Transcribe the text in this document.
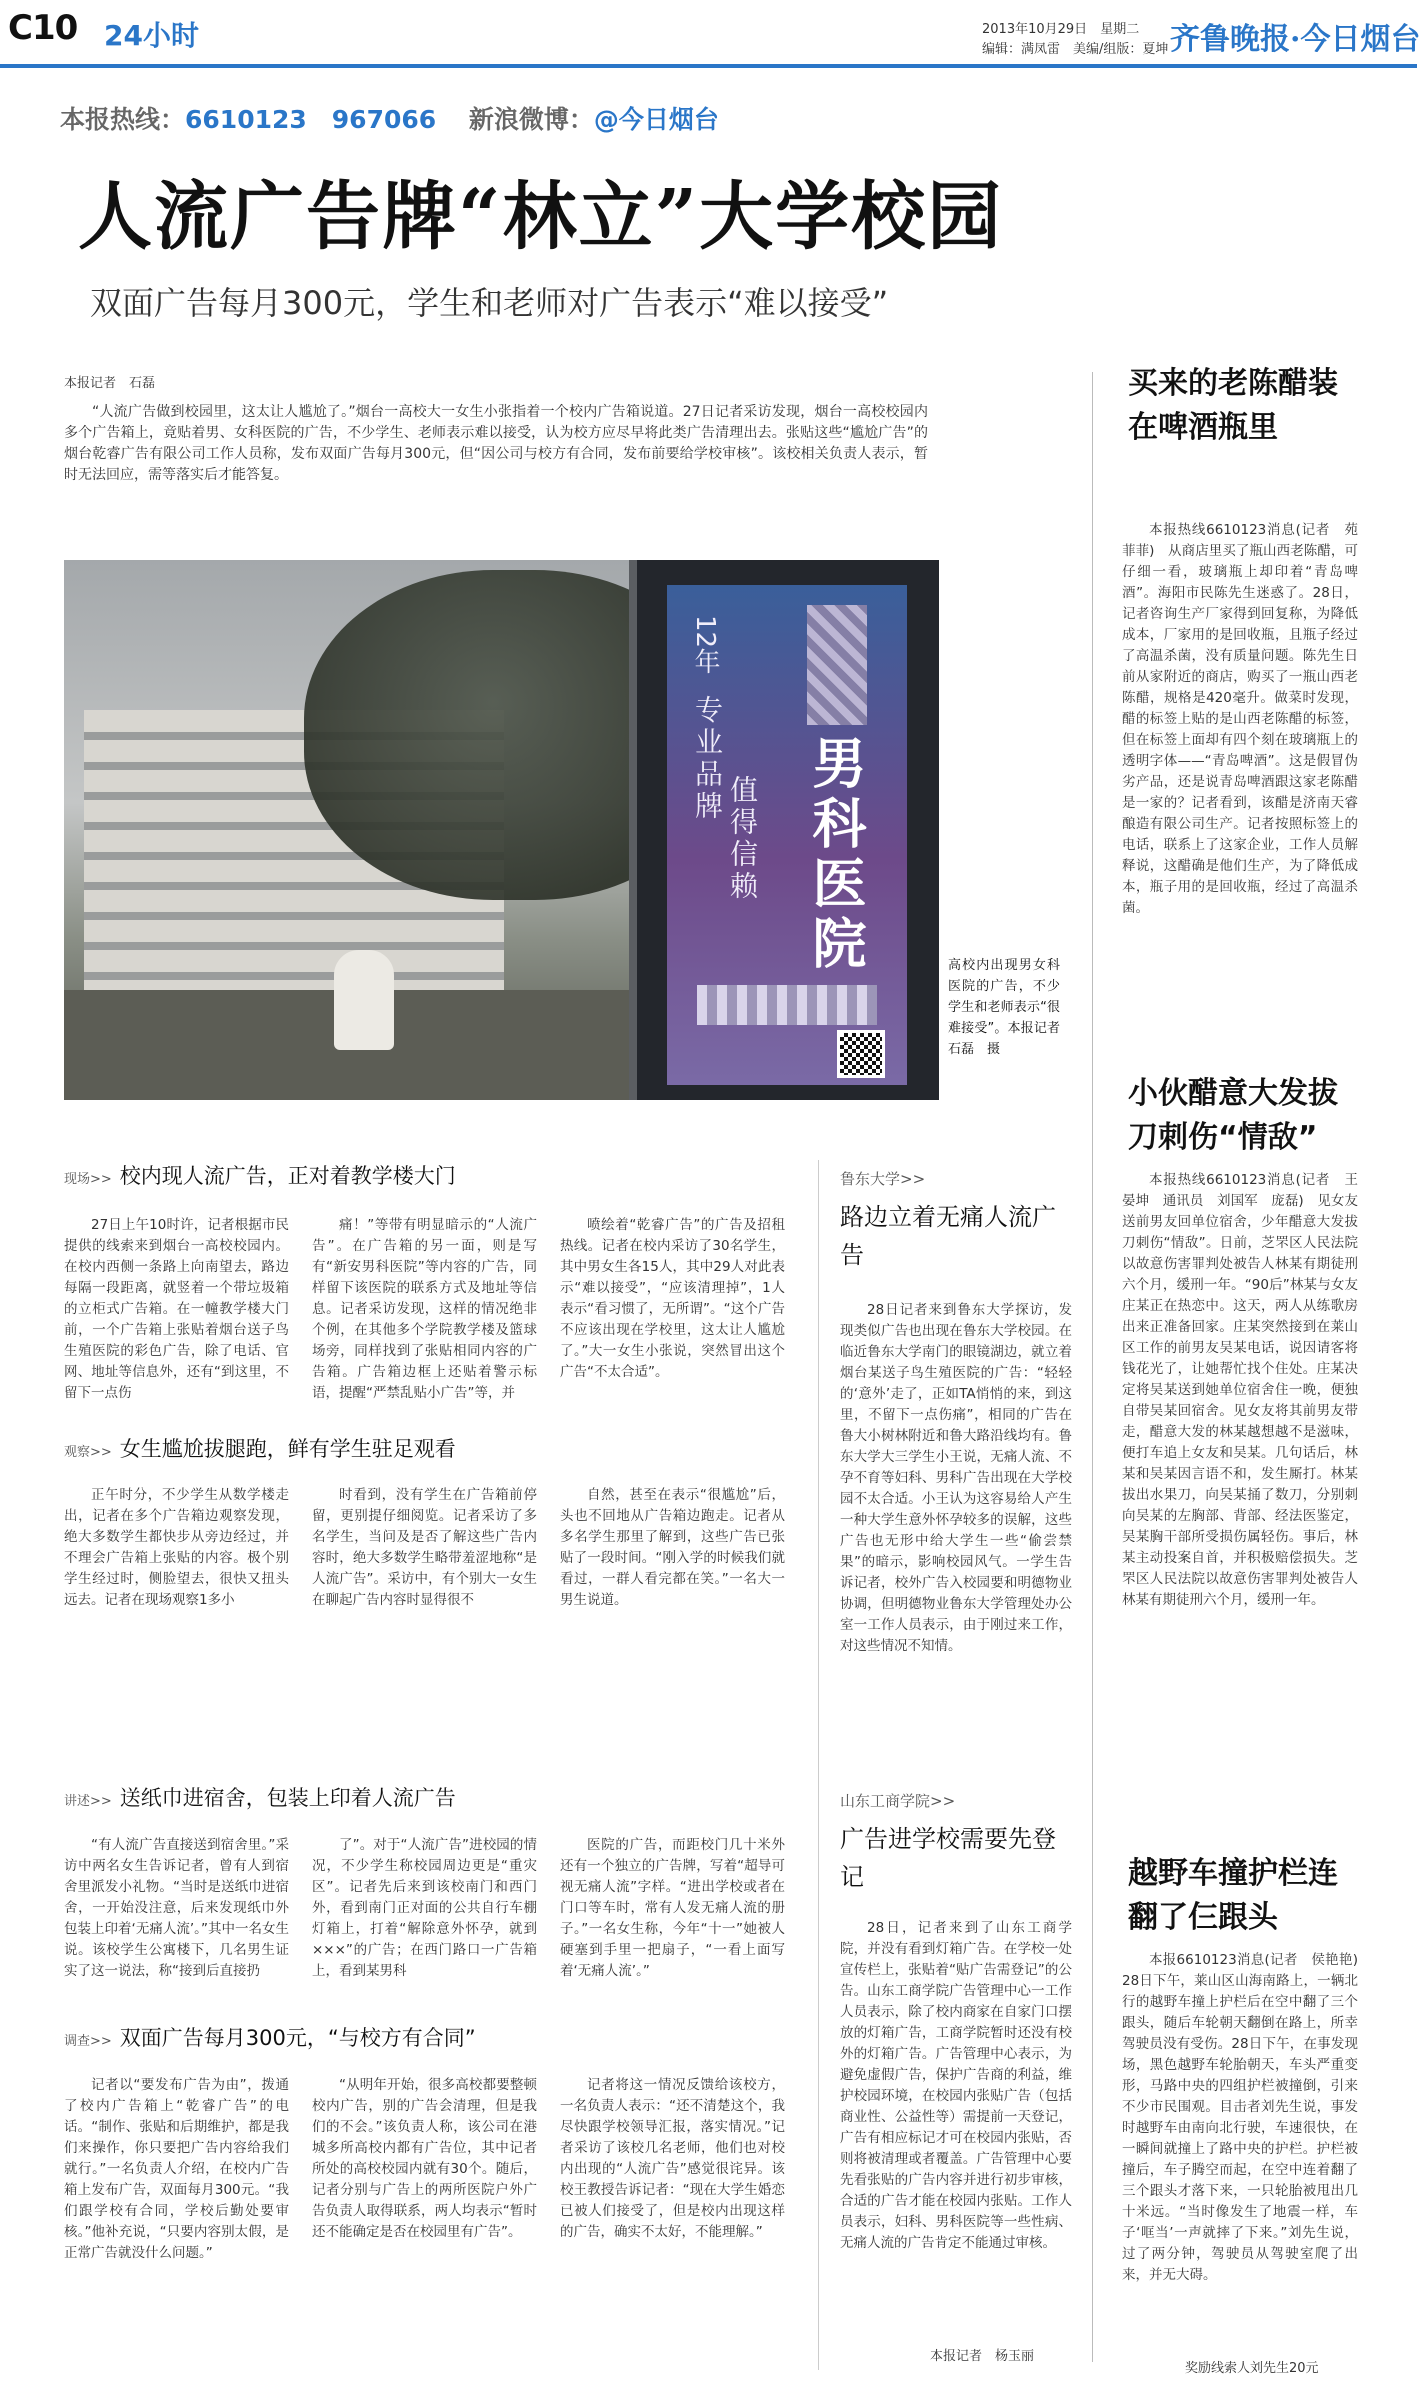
C10 24小时	2013年10月29日　 星期二
编辑：满凤雷　美编/组版：夏坤 齐鲁晚报·今日烟台
本报热线：6610123　967066 新浪微博：@今日烟台
人流广告牌“林立”大学校园
双面广告每月300元，学生和老师对广告表示“难以接受”
本报记者　石磊

“人流广告做到校园里，这太让人尴尬了。”烟台一高校大一女生小张指着一个校内广告箱说道。27日记者采访发现，烟台一高校校园内多个广告箱上，竟贴着男、女科医院的广告，不少学生、老师表示难以接受，认为校方应尽早将此类广告清理出去。张贴这些“尴尬广告”的烟台乾睿广告有限公司工作人员称，发布双面广告每月300元，但“因公司与校方有合同，发布前要给学校审核”。该校相关负责人表示，暂时无法回应，需等落实后才能答复。

12年
专业品牌
值得信赖 男科医院	高校内出现男女科医院的广告，不少学生和老师表示“很难接受”。本报记者　石磊　摄
现场>> 校内现人流广告，正对着教学楼大门

27日上午10时许，记者根据市民提供的线索来到烟台一高校校园内。在校内西侧一条路上向南望去，路边每隔一段距离，就竖着一个带垃圾箱的立柜式广告箱。在一幢教学楼大门前，一个广告箱上张贴着烟台送子鸟生殖医院的彩色广告，除了电话、官网、地址等信息外，还有“到这里，不留下一点伤

痛！”等带有明显暗示的“人流广告”。在广告箱的另一面，则是写有“新安男科医院”等内容的广告，同样留下该医院的联系方式及地址等信息。记者采访发现，这样的情况绝非个例，在其他多个学院教学楼及篮球场旁，同样找到了张贴相同内容的广告箱。广告箱边框上还贴着警示标语，提醒“严禁乱贴小广告”等，并

喷绘着“乾睿广告”的广告及招租热线。记者在校内采访了30名学生，其中男女生各15人，其中29人对此表示“难以接受”，“应该清理掉”，1人表示“看习惯了，无所谓”。“这个广告不应该出现在学校里，这太让人尴尬了。”大一女生小张说，突然冒出这个广告“不太合适”。

观察>> 女生尴尬拔腿跑，鲜有学生驻足观看

正午时分，不少学生从数学楼走出，记者在多个广告箱边观察发现，绝大多数学生都快步从旁边经过，并不理会广告箱上张贴的内容。极个别学生经过时，侧脸望去，很快又扭头远去。记者在现场观察1多小

时看到，没有学生在广告箱前停留，更别提仔细阅览。记者采访了多名学生，当问及是否了解这些广告内容时，绝大多数学生略带羞涩地称“是人流广告”。采访中，有个别大一女生在聊起广告内容时显得很不

自然，甚至在表示“很尴尬”后，头也不回地从广告箱边跑走。记者从多名学生那里了解到，这些广告已张贴了一段时间。“刚入学的时候我们就看过，一群人看完都在笑。”一名大一男生说道。

讲述>> 送纸巾进宿舍，包装上印着人流广告

“有人流广告直接送到宿舍里。”采访中两名女生告诉记者，曾有人到宿舍里派发小礼物。“当时是送纸巾进宿舍，一开始没注意，后来发现纸巾外包装上印着‘无痛人流’。”其中一名女生说。该校学生公寓楼下，几名男生证实了这一说法，称“接到后直接扔

了”。对于“人流广告”进校园的情况，不少学生称校园周边更是“重灾区”。记者先后来到该校南门和西门外，看到南门正对面的公共自行车棚灯箱上，打着“解除意外怀孕，就到×××”的广告；在西门路口一广告箱上，看到某男科

医院的广告，而距校门几十米外还有一个独立的广告牌，写着“超导可视无痛人流”字样。“进出学校或者在门口等车时，常有人发无痛人流的册子。”一名女生称，今年“十一”她被人硬塞到手里一把扇子，“一看上面写着‘无痛人流’。”

调查>> 双面广告每月300元，“与校方有合同”

记者以“要发布广告为由”，拨通了校内广告箱上“乾睿广告”的电话。“制作、张贴和后期维护，都是我们来操作，你只要把广告内容给我们就行。”一名负责人介绍，在校内广告箱上发布广告，双面每月300元。“我们跟学校有合同，学校后勤处要审核。”他补充说，“只要内容别太假，是正常广告就没什么问题。”

“从明年开始，很多高校都要整顿校内广告，别的广告会清理，但是我们的不会。”该负责人称，该公司在港城多所高校内都有广告位，其中记者所处的高校校园内就有30个。随后，记者分别与广告上的两所医院户外广告负责人取得联系，两人均表示“暂时还不能确定是否在校园里有广告”。

记者将这一情况反馈给该校方，一名负责人表示：“还不清楚这个，我尽快跟学校领导汇报，落实情况。”记者采访了该校几名老师，他们也对校内出现的“人流广告”感觉很诧异。该校王教授告诉记者：“现在大学生婚恋已被人们接受了，但是校内出现这样的广告，确实不太好，不能理解。”

鲁东大学>>
路边立着无痛人流广告

28日记者来到鲁东大学探访，发现类似广告也出现在鲁东大学校园。在临近鲁东大学南门的眼镜湖边，就立着烟台某送子鸟生殖医院的广告：“轻轻的‘意外’走了，正如TA悄悄的来，到这里，不留下一点伤痛”，相同的广告在鲁大小树林附近和鲁大路沿线均有。鲁东大学大三学生小王说，无痛人流、不孕不育等妇科、男科广告出现在大学校园不太合适。小王认为这容易给人产生一种大学生意外怀孕较多的误解，这些广告也无形中给大学生一些“偷尝禁果”的暗示，影响校园风气。一学生告诉记者，校外广告入校园要和明德物业协调，但明德物业鲁东大学管理处办公室一工作人员表示，由于刚过来工作，对这些情况不知情。

山东工商学院>>
广告进学校需要先登记

28日，记者来到了山东工商学院，并没有看到灯箱广告。在学校一处宣传栏上，张贴着“贴广告需登记”的公告。山东工商学院广告管理中心一工作人员表示，除了校内商家在自家门口摆放的灯箱广告，工商学院暂时还没有校外的灯箱广告。广告管理中心表示，为避免虚假广告，保护广告商的利益，维护校园环境，在校园内张贴广告（包括商业性、公益性等）需提前一天登记，广告有相应标记才可在校园内张贴，否则将被清理或者覆盖。广告管理中心要先看张贴的广告内容并进行初步审核，合适的广告才能在校园内张贴。工作人员表示，妇科、男科医院等一些性病、无痛人流的广告肯定不能通过审核。

本报记者　杨玉丽
买来的老陈醋装在啤酒瓶里

本报热线6610123消息(记者　苑菲菲)　从商店里买了瓶山西老陈醋，可仔细一看，玻璃瓶上却印着“青岛啤酒”。海阳市民陈先生迷惑了。28日，记者咨询生产厂家得到回复称，为降低成本，厂家用的是回收瓶，且瓶子经过了高温杀菌，没有质量问题。陈先生日前从家附近的商店，购买了一瓶山西老陈醋，规格是420毫升。做菜时发现，醋的标签上贴的是山西老陈醋的标签，但在标签上面却有四个刻在玻璃瓶上的透明字体——“青岛啤酒”。这是假冒伪劣产品，还是说青岛啤酒跟这家老陈醋是一家的？记者看到，该醋是济南天睿酿造有限公司生产。记者按照标签上的电话，联系上了这家企业，工作人员解释说，这醋确是他们生产，为了降低成本，瓶子用的是回收瓶，经过了高温杀菌。

小伙醋意大发拔刀刺伤“情敌”

本报热线6610123消息(记者　王晏坤　通讯员　刘国军　庞磊)　见女友送前男友回单位宿舍，少年醋意大发拔刀刺伤“情敌”。日前，芝罘区人民法院以故意伤害罪判处被告人林某有期徒刑六个月，缓刑一年。“90后”林某与女友庄某正在热恋中。这天，两人从练歌房出来正准备回家。庄某突然接到在莱山区工作的前男友吴某电话，说因请客将钱花光了，让她帮忙找个住处。庄某决定将吴某送到她单位宿舍住一晚，便独自带吴某回宿舍。见女友将其前男友带走，醋意大发的林某越想越不是滋味，便打车追上女友和吴某。几句话后，林某和吴某因言语不和，发生厮打。林某拔出水果刀，向吴某捅了数刀，分别刺向吴某的左胸部、背部、经法医鉴定，吴某胸干部所受损伤属轻伤。事后，林某主动投案自首，并积极赔偿损失。芝罘区人民法院以故意伤害罪判处被告人林某有期徒刑六个月，缓刑一年。

越野车撞护栏连翻了仨跟头

本报6610123消息(记者　侯艳艳)　28日下午，莱山区山海南路上，一辆北行的越野车撞上护栏后在空中翻了三个跟头，随后车轮朝天翻倒在路上，所幸驾驶员没有受伤。28日下午，在事发现场，黑色越野车轮胎朝天，车头严重变形，马路中央的四组护栏被撞倒，引来不少市民围观。目击者刘先生说，事发时越野车由南向北行驶，车速很快，在一瞬间就撞上了路中央的护栏。护栏被撞后，车子腾空而起，在空中连着翻了三个跟头才落下来，一只轮胎被甩出几十米远。“当时像发生了地震一样，车子‘哐当’一声就摔了下来。”刘先生说，过了两分钟，驾驶员从驾驶室爬了出来，并无大碍。

奖励线索人刘先生20元
